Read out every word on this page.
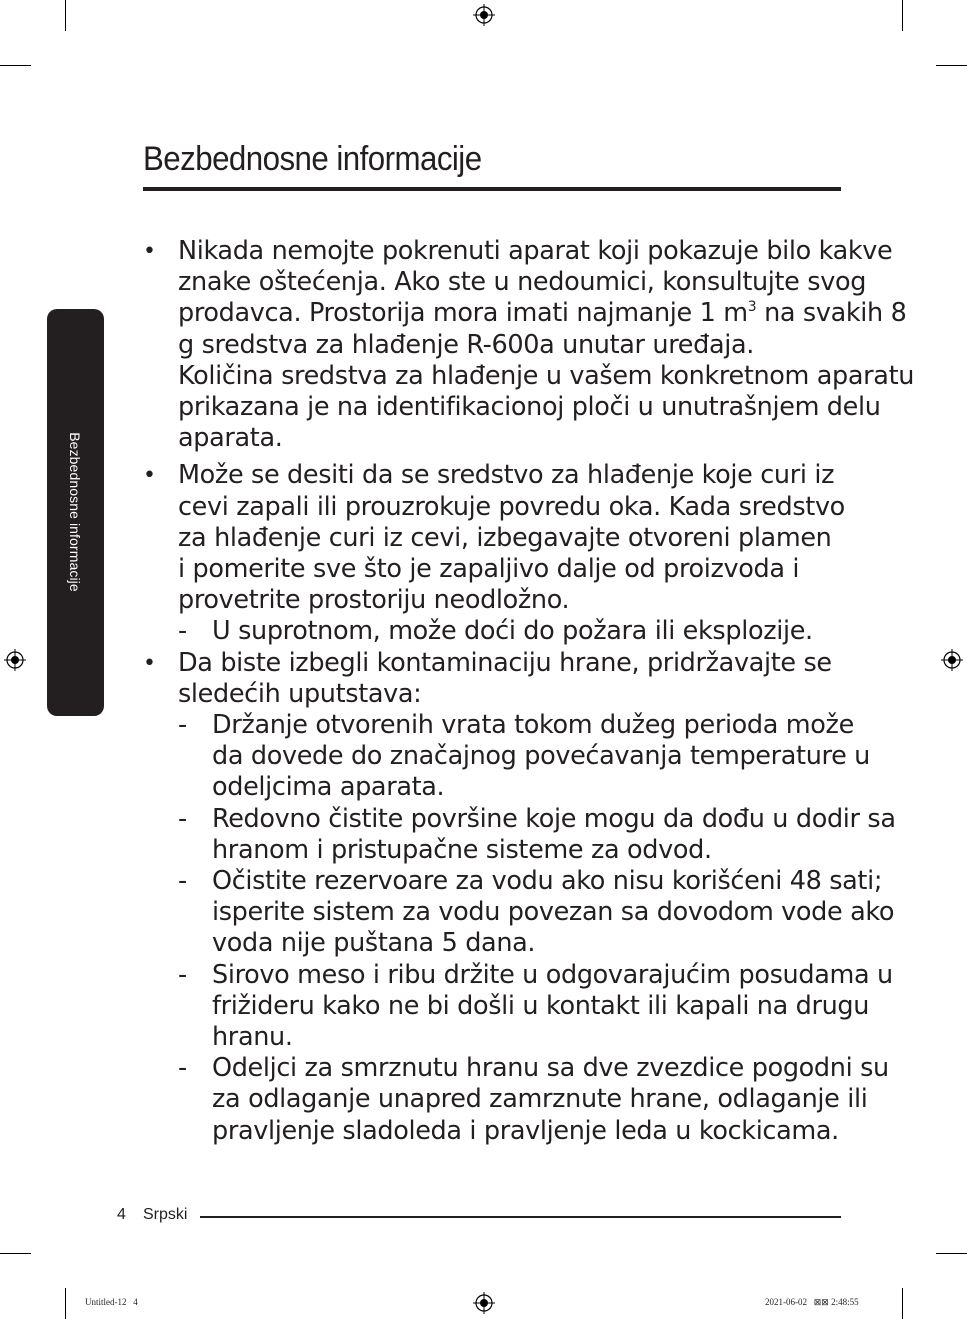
Bezbednosne informacije
Bezbednosne informacije
• Nikada nemojte pokrenuti aparat koji pokazuje bilo kakve
znake oštećenja. Ako ste u nedoumici, konsultujte svog
prodavca. Prostorija mora imati najmanje 1 $m^3$ na svakih 8
g sredstva za hlađenje R-600a unutar uređaja.
Količina sredstva za hlađenje u vašem konkretnom aparatu
prikazana je na identifikacionoj ploči u unutrašnjem delu
aparata.
• Može se desiti da se sredstvo za hlađenje koje curi iz
cevi zapali ili prouzrokuje povredu oka. Kada sredstvo
za hlađenje curi iz cevi, izbegavajte otvoreni plamen
i pomerite sve što je zapaljivo dalje od proizvoda i
provetrite prostoriju neodložno.
- U suprotnom, može doći do požara ili eksplozije.
• Da biste izbegli kontaminaciju hrane, pridržavajte se
sledećih uputstava:
- Držanje otvorenih vrata tokom dužeg perioda može
da dovede do značajnog povećavanja temperature u
odeljcima aparata.
- Redovno čistite površine koje mogu da dođu u dodir sa
hranom i pristupačne sisteme za odvod.
- Očistite rezervoare za vodu ako nisu korišćeni 48 sati;
isperite sistem za vodu povezan sa dovodom vode ako
voda nije puštana 5 dana.
- Sirovo meso i ribu držite u odgovarajućim posudama u
frižideru kako ne bi došli u kontakt ili kapali na drugu
hranu.
- Odeljci za smrznutu hranu sa dve zvezdice pogodni su
za odlaganje unapred zamrznute hrane, odlaganje ili
pravljenje sladoleda i pravljenje leda u kockicama.
4 Srpski
Untitled-12   4	2021-06-02   ⊠⊠ 2:48:55
